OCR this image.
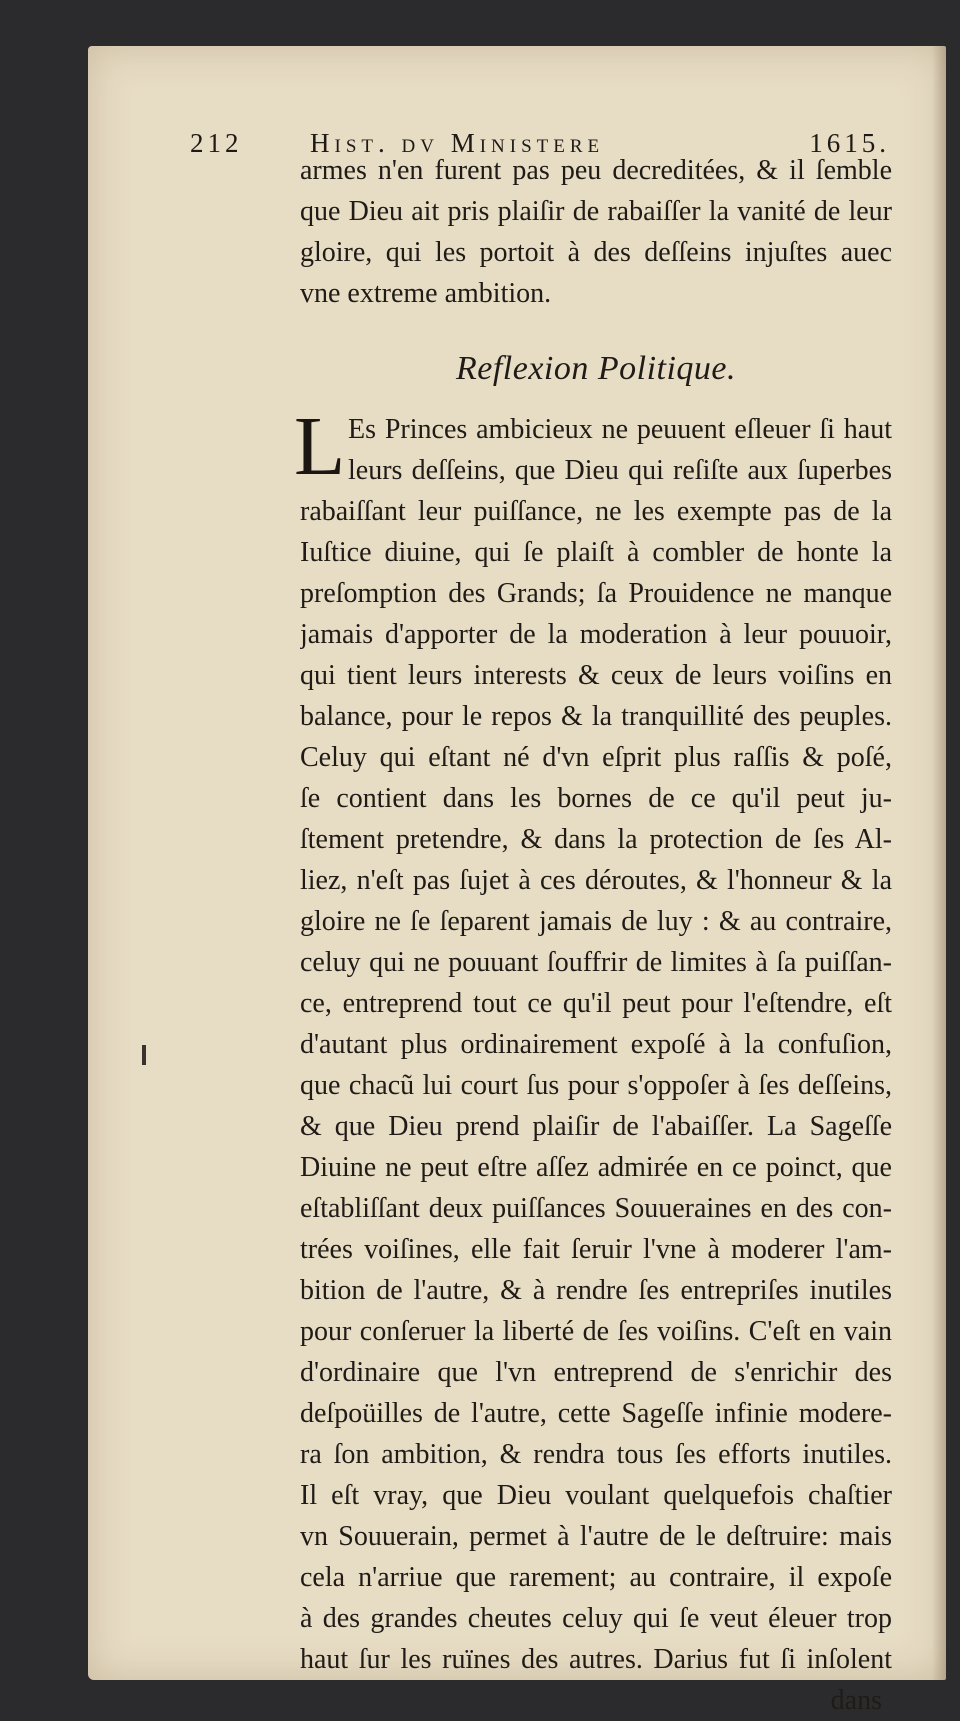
212	Hist. dv Ministere	1615.
armes n'en furent pas peu decreditées, & il ſemble
que Dieu ait pris plaiſir de rabaiſſer la vanité de leur
gloire, qui les portoit à des deſſeins injuſtes auec
vne extreme ambition.
Reflexion Politique.
L Es Princes ambicieux ne peuuent eſleuer ſi haut
leurs deſſeins, que Dieu qui reſiſte aux ſuperbes
rabaiſſant leur puiſſance, ne les exempte pas de la
Iuſtice diuine, qui ſe plaiſt à combler de honte la
preſomption des Grands; ſa Prouidence ne manque
jamais d'apporter de la moderation à leur pouuoir,
qui tient leurs interests & ceux de leurs voiſins en
balance, pour le repos & la tranquillité des peuples.
Celuy qui eſtant né d'vn eſprit plus raſſis & poſé,
ſe contient dans les bornes de ce qu'il peut ju-
ſtement pretendre, & dans la protection de ſes Al-
liez, n'eſt pas ſujet à ces déroutes, & l'honneur & la
gloire ne ſe ſeparent jamais de luy : & au contraire,
celuy qui ne pouuant ſouffrir de limites à ſa puiſſan-
ce, entreprend tout ce qu'il peut pour l'eſtendre, eſt
d'autant plus ordinairement expoſé à la confuſion,
que chacũ lui court ſus pour s'oppoſer à ſes deſſeins,
& que Dieu prend plaiſir de l'abaiſſer. La Sageſſe
Diuine ne peut eſtre aſſez admirée en ce poinct, que
eſtabliſſant deux puiſſances Souueraines en des con-
trées voiſines, elle fait ſeruir l'vne à moderer l'am-
bition de l'autre, & à rendre ſes entrepriſes inutiles
pour conſeruer la liberté de ſes voiſins. C'eſt en vain
d'ordinaire que l'vn entreprend de s'enrichir des
deſpoüilles de l'autre, cette Sageſſe infinie modere-
ra ſon ambition, & rendra tous ſes efforts inutiles.
Il eſt vray, que Dieu voulant quelquefois chaſtier
vn Souuerain, permet à l'autre de le deſtruire: mais
cela n'arriue que rarement; au contraire, il expoſe
à des grandes cheutes celuy qui ſe veut éleuer trop
haut ſur les ruïnes des autres. Darius fut ſi inſolent
dans
